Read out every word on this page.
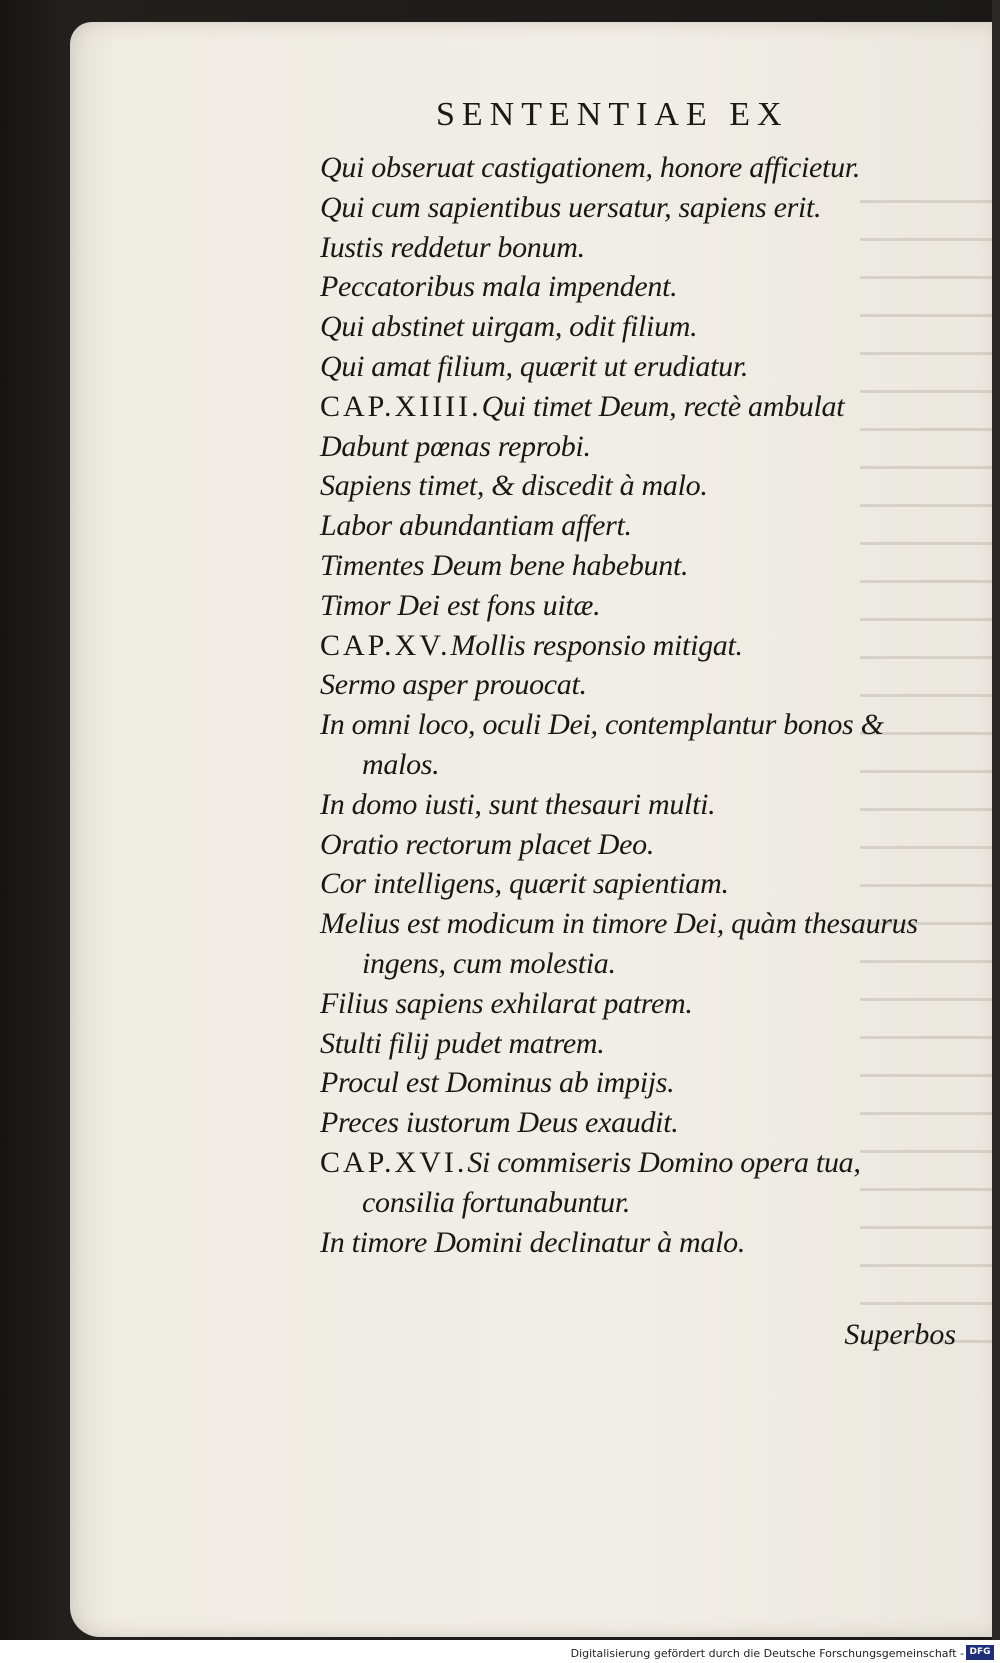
SENTENTIAE EX
Qui obseruat castigationem, honore afficietur.
Qui cum sapientibus uersatur, sapiens erit.
Iustis reddetur bonum.
Peccatoribus mala impendent.
Qui abstinet uirgam, odit filium.
Qui amat filium, quærit ut erudiatur.
CAP.XIIII.Qui timet Deum, rectè ambulat
Dabunt pœnas reprobi.
Sapiens timet, & discedit à malo.
Labor abundantiam affert.
Timentes Deum bene habebunt.
Timor Dei est fons uitæ.
CAP.XV.Mollis responsio mitigat.
Sermo asper prouocat.
In omni loco, oculi Dei, contemplantur bonos &
malos.
In domo iusti, sunt thesauri multi.
Oratio rectorum placet Deo.
Cor intelligens, quærit sapientiam.
Melius est modicum in timore Dei, quàm thesaurus
ingens, cum molestia.
Filius sapiens exhilarat patrem.
Stulti filij pudet matrem.
Procul est Dominus ab impijs.
Preces iustorum Deus exaudit.
CAP.XVI.Si commiseris Domino opera tua,
consilia fortunabuntur.
In timore Domini declinatur à malo.
Superbos
Digitalisierung gefördert durch die Deutsche Forschungsgemeinschaft - DFG
